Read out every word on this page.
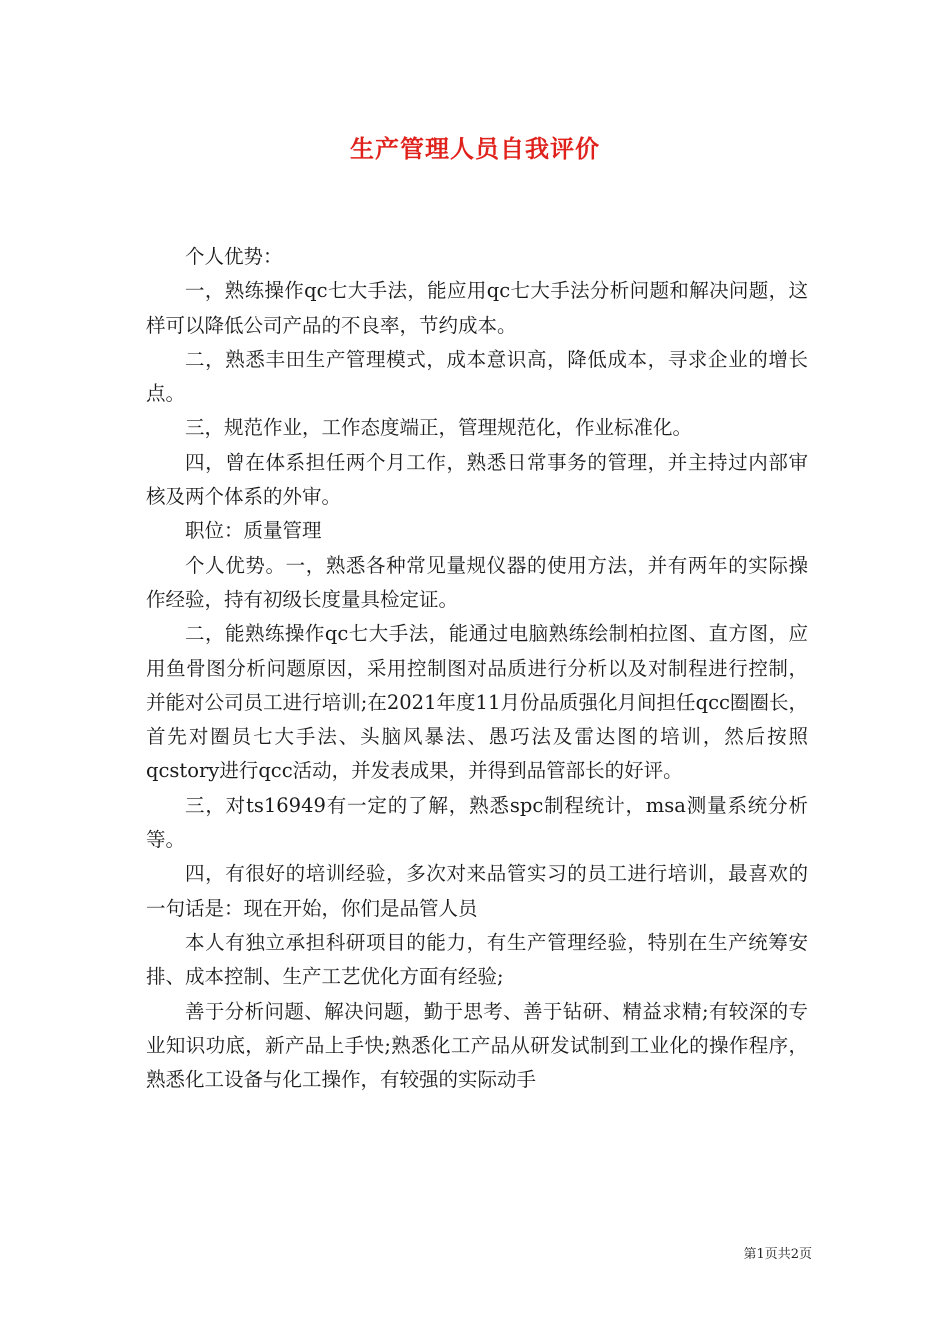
生产管理人员自我评价

个人优势：

一，熟练操作qc七大手法，能应用qc七大手法分析问题和解决问题，这样可以降低公司产品的不良率，节约成本。

二，熟悉丰田生产管理模式，成本意识高，降低成本，寻求企业的增长点。

三，规范作业，工作态度端正，管理规范化，作业标准化。

四，曾在体系担任两个月工作，熟悉日常事务的管理，并主持过内部审核及两个体系的外审。

职位：质量管理

个人优势。一，熟悉各种常见量规仪器的使用方法，并有两年的实际操作经验，持有初级长度量具检定证。

二，能熟练操作qc七大手法，能通过电脑熟练绘制柏拉图、直方图，应用鱼骨图分析问题原因，采用控制图对品质进行分析以及对制程进行控制，并能对公司员工进行培训;在2021年度11月份品质强化月间担任qcc圈圈长，首先对圈员七大手法、头脑风暴法、愚巧法及雷达图的培训，然后按照qcstory进行qcc活动，并发表成果，并得到品管部长的好评。

三，对ts16949有一定的了解，熟悉spc制程统计，msa测量系统分析等。

四，有很好的培训经验，多次对来品管实习的员工进行培训，最喜欢的一句话是：现在开始，你们是品管人员

本人有独立承担科研项目的能力，有生产管理经验，特别在生产统筹安排、成本控制、生产工艺优化方面有经验;

善于分析问题、解决问题，勤于思考、善于钻研、精益求精;有较深的专业知识功底，新产品上手快;熟悉化工产品从研发试制到工业化的操作程序，熟悉化工设备与化工操作，有较强的实际动手

第1页共2页
